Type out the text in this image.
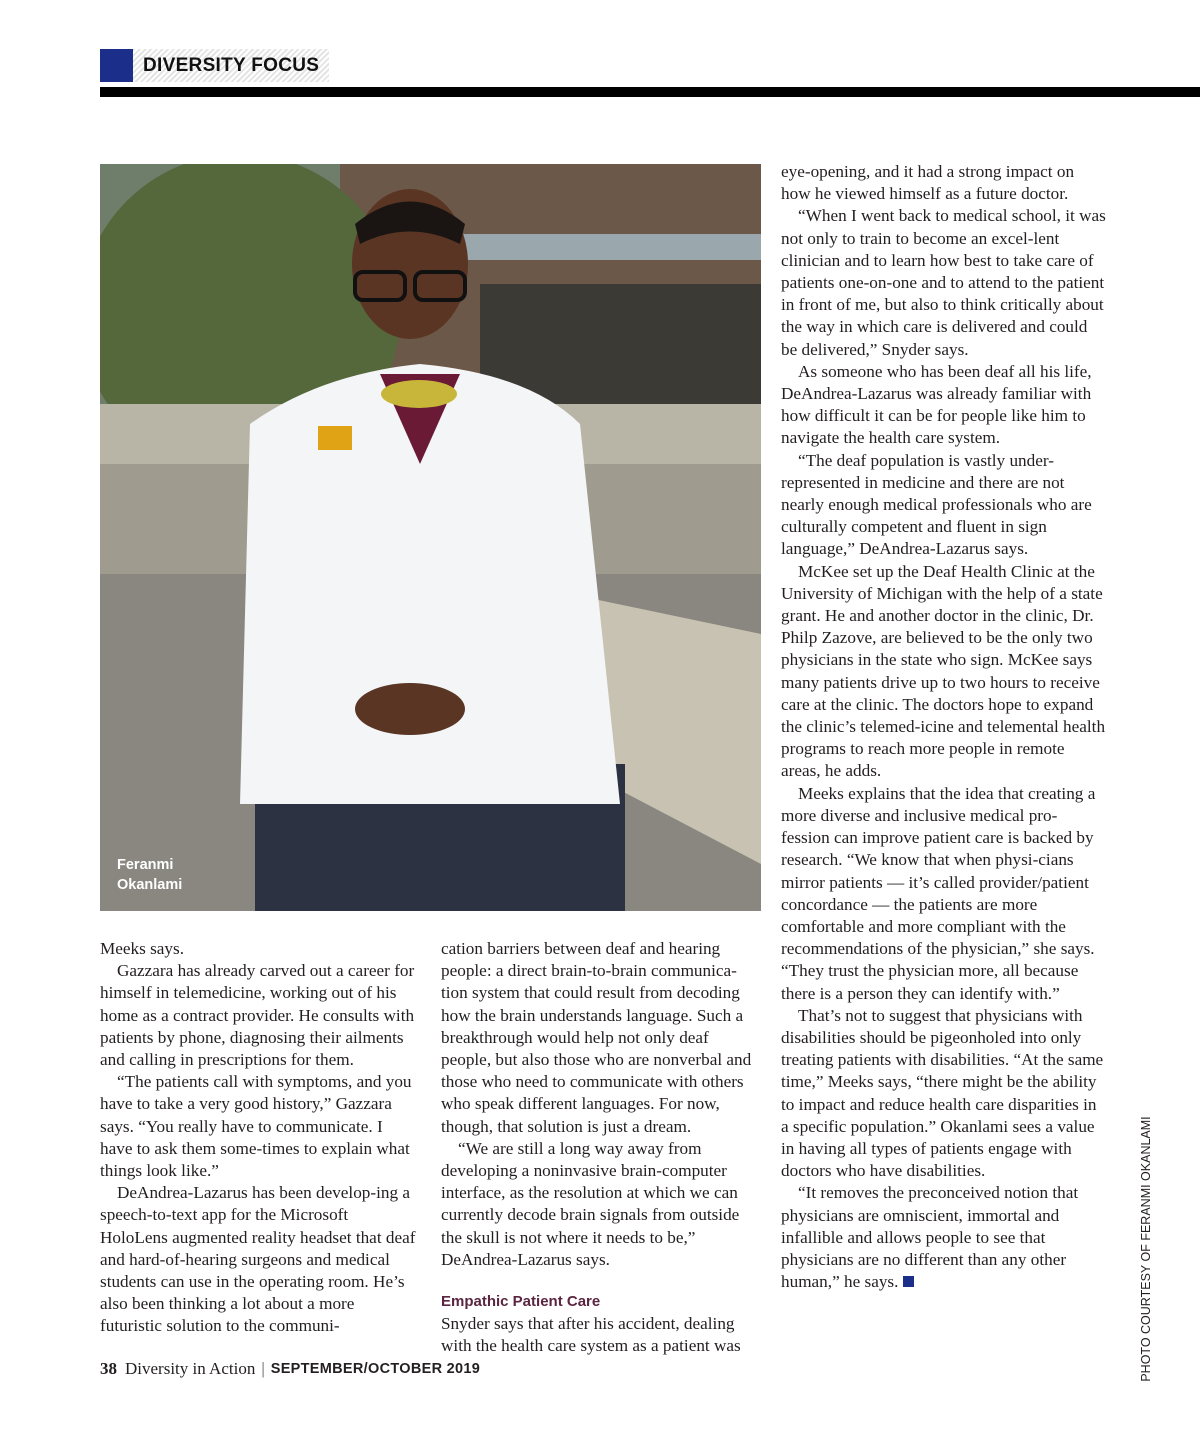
DIVERSITY FOCUS
Feranmi
Okanlami

Meeks says.

Gazzara has already carved out a career for himself in telemedicine, working out of his home as a contract provider. He consults with patients by phone, diagnosing their ailments and calling in prescriptions for them.

“The patients call with symptoms, and you have to take a very good history,” Gazzara says. “You really have to communicate. I have to ask them some-times to explain what things look like.”

DeAndrea-Lazarus has been develop-ing a speech-to-text app for the Microsoft HoloLens augmented reality headset that deaf and hard-of-hearing surgeons and medical students can use in the operating room. He’s also been thinking a lot about a more futuristic solution to the communi-

cation barriers between deaf and hearing people: a direct brain-to-brain communica-tion system that could result from decoding how the brain understands language. Such a breakthrough would help not only deaf people, but also those who are nonverbal and those who need to communicate with others who speak different languages. For now, though, that solution is just a dream.

“We are still a long way away from developing a noninvasive brain-computer interface, as the resolution at which we can currently decode brain signals from outside the skull is not where it needs to be,” DeAndrea-Lazarus says.

Empathic Patient Care

Snyder says that after his accident, dealing with the health care system as a patient was

eye-opening, and it had a strong impact on how he viewed himself as a future doctor.

“When I went back to medical school, it was not only to train to become an excel-lent clinician and to learn how best to take care of patients one-on-one and to attend to the patient in front of me, but also to think critically about the way in which care is delivered and could be delivered,” Snyder says.

As someone who has been deaf all his life, DeAndrea-Lazarus was already familiar with how difficult it can be for people like him to navigate the health care system.

“The deaf population is vastly under-represented in medicine and there are not nearly enough medical professionals who are culturally competent and fluent in sign language,” DeAndrea-Lazarus says.

McKee set up the Deaf Health Clinic at the University of Michigan with the help of a state grant. He and another doctor in the clinic, Dr. Philp Zazove, are believed to be the only two physicians in the state who sign. McKee says many patients drive up to two hours to receive care at the clinic. The doctors hope to expand the clinic’s telemed-icine and telemental health programs to reach more people in remote areas, he adds.

Meeks explains that the idea that creating a more diverse and inclusive medical pro-fession can improve patient care is backed by research. “We know that when physi-cians mirror patients — it’s called provider/patient concordance — the patients are more comfortable and more compliant with the recommendations of the physician,” she says. “They trust the physician more, all because there is a person they can identify with.”

That’s not to suggest that physicians with disabilities should be pigeonholed into only treating patients with disabilities. “At the same time,” Meeks says, “there might be the ability to impact and reduce health care disparities in a specific population.” Okanlami sees a value in having all types of patients engage with doctors who have disabilities.

“It removes the preconceived notion that physicians are omniscient, immortal and infallible and allows people to see that physicians are no different than any other human,” he says.	PHOTO COURTESY OF FERANMI OKANLAMI
38 Diversity in Action | SEPTEMBER/OCTOBER 2019
